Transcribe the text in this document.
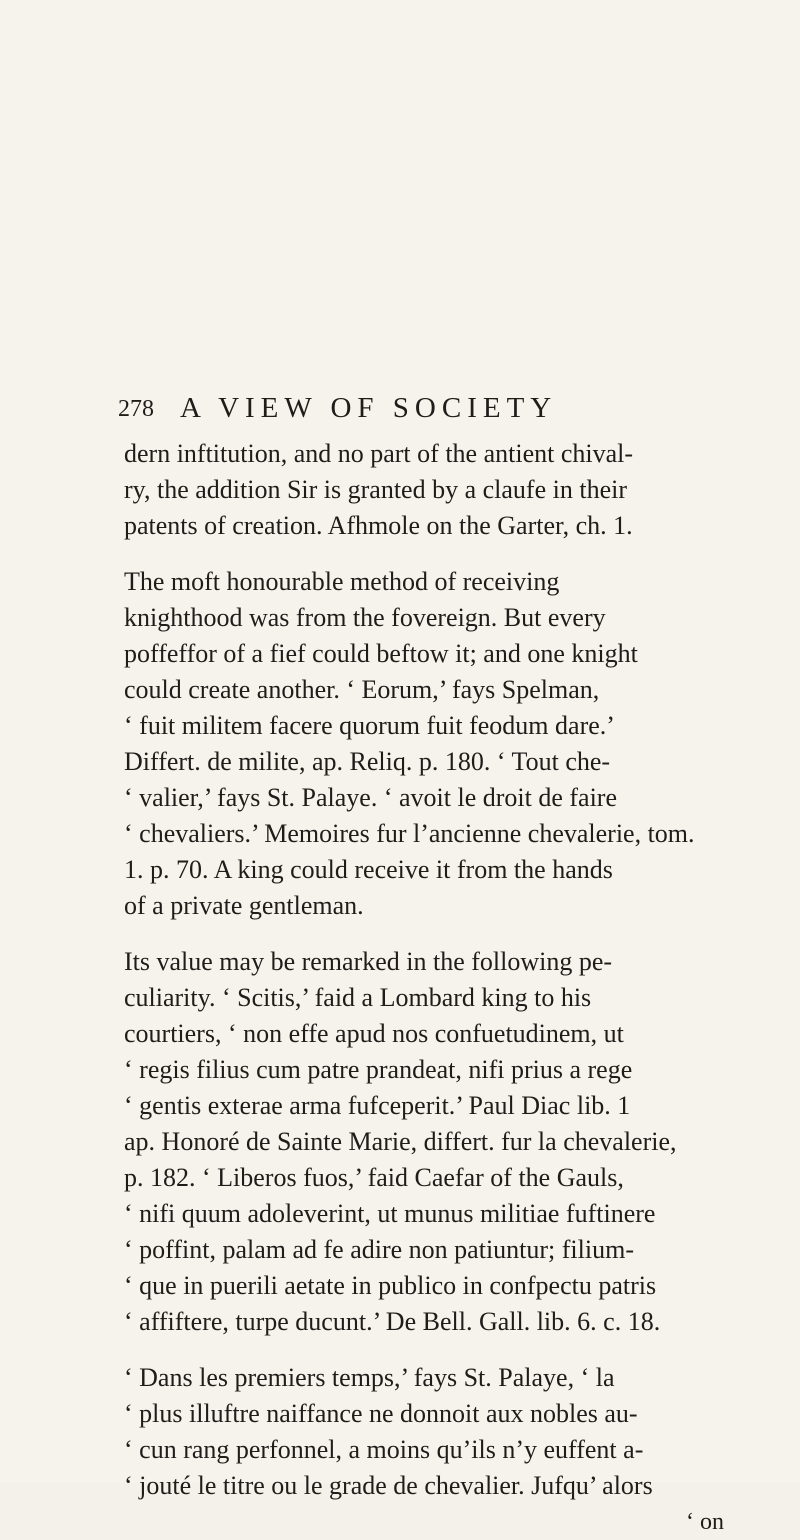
278 A VIEW OF SOCIETY
dern inftitution, and no part of the antient chival-
ry, the addition Sir is granted by a claufe in their
patents of creation. Afhmole on the Garter, ch. 1.
The moft honourable method of receiving
knighthood was from the fovereign. But every
poffeffor of a fief could beftow it; and one knight
could create another. ‘ Eorum,’ fays Spelman,
‘ fuit militem facere quorum fuit feodum dare.’
Differt. de milite, ap. Reliq. p. 180. ‘ Tout che-
‘ valier,’ fays St. Palaye. ‘ avoit le droit de faire
‘ chevaliers.’ Memoires fur l’ancienne chevalerie, tom.
1. p. 70. A king could receive it from the hands
of a private gentleman.
Its value may be remarked in the following pe-
culiarity. ‘ Scitis,’ faid a Lombard king to his
courtiers, ‘ non effe apud nos confuetudinem, ut
‘ regis filius cum patre prandeat, nifi prius a rege
‘ gentis exterae arma fufceperit.’ Paul Diac lib. 1
ap. Honoré de Sainte Marie, differt. fur la chevalerie,
p. 182. ‘ Liberos fuos,’ faid Caefar of the Gauls,
‘ nifi quum adoleverint, ut munus militiae fuftinere
‘ poffint, palam ad fe adire non patiuntur; filium-
‘ que in puerili aetate in publico in confpectu patris
‘ affiftere, turpe ducunt.’ De Bell. Gall. lib. 6. c. 18.
‘ Dans les premiers temps,’ fays St. Palaye, ‘ la
‘ plus illuftre naiffance ne donnoit aux nobles au-
‘ cun rang perfonnel, a moins qu’ils n’y euffent a-
‘ jouté le titre ou le grade de chevalier. Jufqu’ alors
‘ on
